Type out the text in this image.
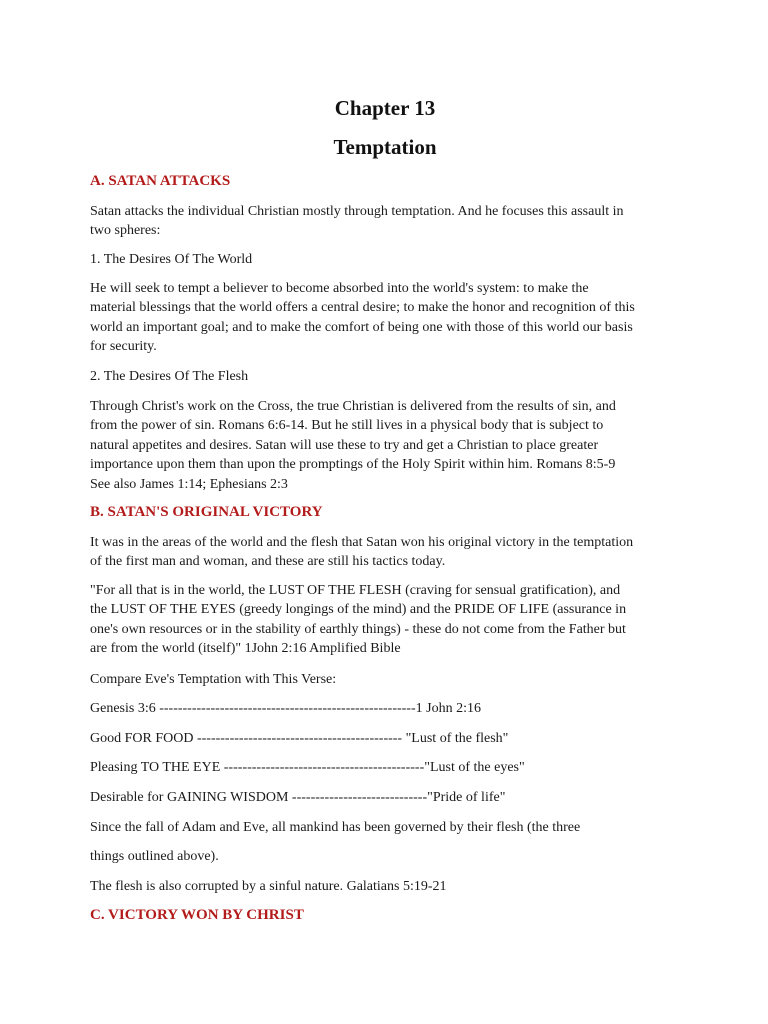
Chapter 13
Temptation
A. SATAN ATTACKS
Satan attacks the individual Christian mostly through temptation. And he focuses this assault in
two spheres:
1. The Desires Of The World
He will seek to tempt a believer to become absorbed into the world's system: to make the
material blessings that the world offers a central desire; to make the honor and recognition of this
world an important goal; and to make the comfort of being one with those of this world our basis
for security.
2. The Desires Of The Flesh
Through Christ's work on the Cross, the true Christian is delivered from the results of sin, and
from the power of sin. Romans 6:6-14. But he still lives in a physical body that is subject to
natural appetites and desires. Satan will use these to try and get a Christian to place greater
importance upon them than upon the promptings of the Holy Spirit within him. Romans 8:5-9
See also James 1:14; Ephesians 2:3
B. SATAN'S ORIGINAL VICTORY
It was in the areas of the world and the flesh that Satan won his original victory in the temptation
of the first man and woman, and these are still his tactics today.
"For all that is in the world, the LUST OF THE FLESH (craving for sensual gratification), and
the LUST OF THE EYES (greedy longings of the mind) and the PRIDE OF LIFE (assurance in
one's own resources or in the stability of earthly things) - these do not come from the Father but
are from the world (itself)" 1John 2:16 Amplified Bible
Compare Eve's Temptation with This Verse:
Genesis 3:6 -------------------------------------------------------1 John 2:16
Good FOR FOOD -------------------------------------------- "Lust of the flesh"
Pleasing TO THE EYE -------------------------------------------"Lust of the eyes"
Desirable for GAINING WISDOM -----------------------------"Pride of life"
Since the fall of Adam and Eve, all mankind has been governed by their flesh (the three
things outlined above).
The flesh is also corrupted by a sinful nature. Galatians 5:19-21
C. VICTORY WON BY CHRIST
